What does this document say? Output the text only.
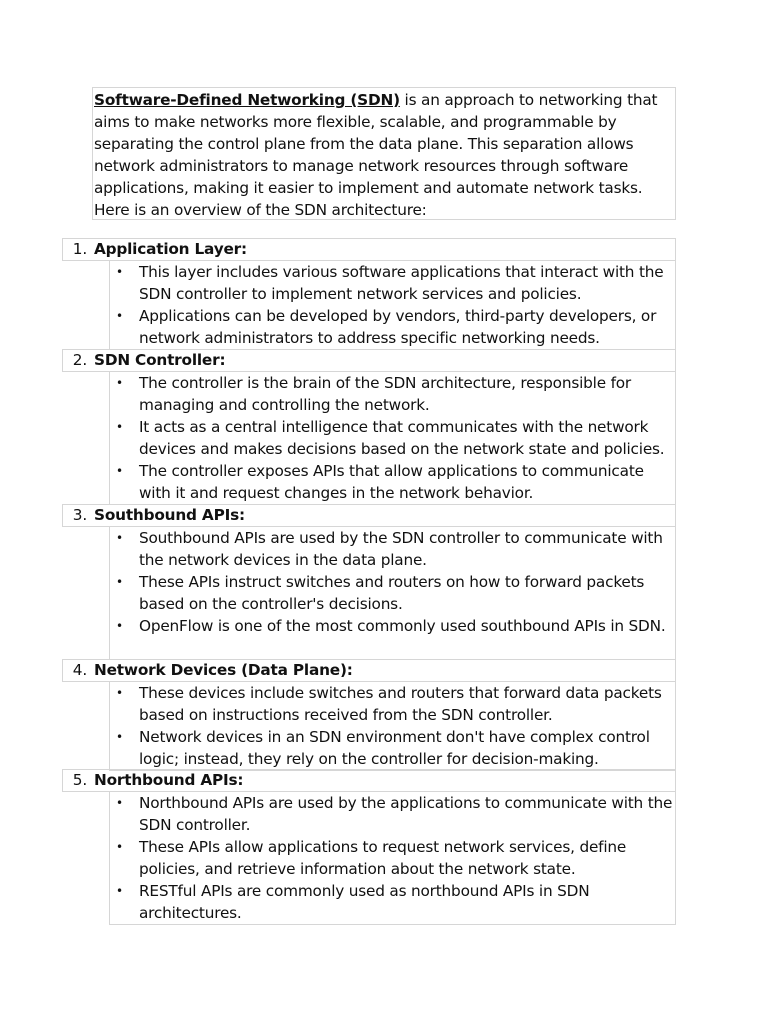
Software-Defined Networking (SDN) is an approach to networking that aims to make networks more flexible, scalable, and programmable by separating the control plane from the data plane. This separation allows network administrators to manage network resources through software applications, making it easier to implement and automate network tasks. Here is an overview of the SDN architecture:
1. Application Layer:
• This layer includes various software applications that interact with the SDN controller to implement network services and policies.
• Applications can be developed by vendors, third-party developers, or network administrators to address specific networking needs.
2. SDN Controller:
• The controller is the brain of the SDN architecture, responsible for managing and controlling the network.
• It acts as a central intelligence that communicates with the network devices and makes decisions based on the network state and policies.
• The controller exposes APIs that allow applications to communicate with it and request changes in the network behavior.
3. Southbound APIs:
• Southbound APIs are used by the SDN controller to communicate with the network devices in the data plane.
• These APIs instruct switches and routers on how to forward packets based on the controller's decisions.
• OpenFlow is one of the most commonly used southbound APIs in SDN.
4. Network Devices (Data Plane):
• These devices include switches and routers that forward data packets based on instructions received from the SDN controller.
• Network devices in an SDN environment don't have complex control logic; instead, they rely on the controller for decision-making.
5. Northbound APIs:
• Northbound APIs are used by the applications to communicate with the SDN controller.
• These APIs allow applications to request network services, define policies, and retrieve information about the network state.
• RESTful APIs are commonly used as northbound APIs in SDN architectures.
